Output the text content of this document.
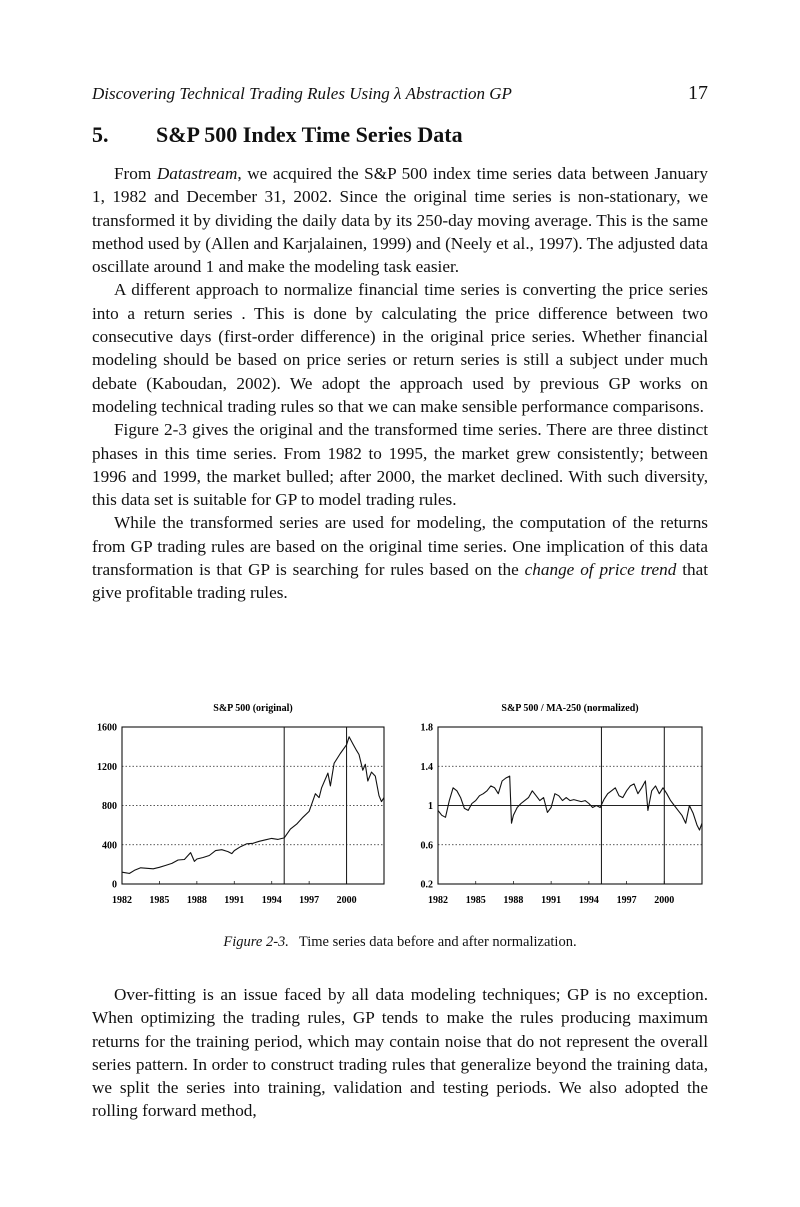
Discovering Technical Trading Rules Using λ Abstraction GP	17
5. S&P 500 Index Time Series Data

From Datastream, we acquired the S&P 500 index time series data between January 1, 1982 and December 31, 2002. Since the original time series is non-stationary, we transformed it by dividing the daily data by its 250-day moving average. This is the same method used by (Allen and Karjalainen, 1999) and (Neely et al., 1997). The adjusted data oscillate around 1 and make the modeling task easier.

A different approach to normalize financial time series is converting the price series into a return series . This is done by calculating the price difference between two consecutive days (first-order difference) in the original price series. Whether financial modeling should be based on price series or return series is still a subject under much debate (Kaboudan, 2002). We adopt the approach used by previous GP works on modeling technical trading rules so that we can make sensible performance comparisons.

Figure 2-3 gives the original and the transformed time series. There are three distinct phases in this time series. From 1982 to 1995, the market grew consistently; between 1996 and 1999, the market bulled; after 2000, the market declined. With such diversity, this data set is suitable for GP to model trading rules.

While the transformed series are used for modeling, the computation of the returns from GP trading rules are based on the original time series. One implication of this data transformation is that GP is searching for rules based on the change of price trend that give profitable trading rules.

S&P 500 (original)
0
400
800
1200
1600
1982 1985 1988 1991 1994 1997 2000
S&P 500 / MA-250 (normalized)
0.2
0.6
1
1.4
1.8
1982 1985 1988 1991 1994 1997 2000
Figure 2-3. Time series data before and after normalization.

Over-fitting is an issue faced by all data modeling techniques; GP is no exception. When optimizing the trading rules, GP tends to make the rules producing maximum returns for the training period, which may contain noise that do not represent the overall series pattern. In order to construct trading rules that generalize beyond the training data, we split the series into training, validation and testing periods. We also adopted the rolling forward method,
